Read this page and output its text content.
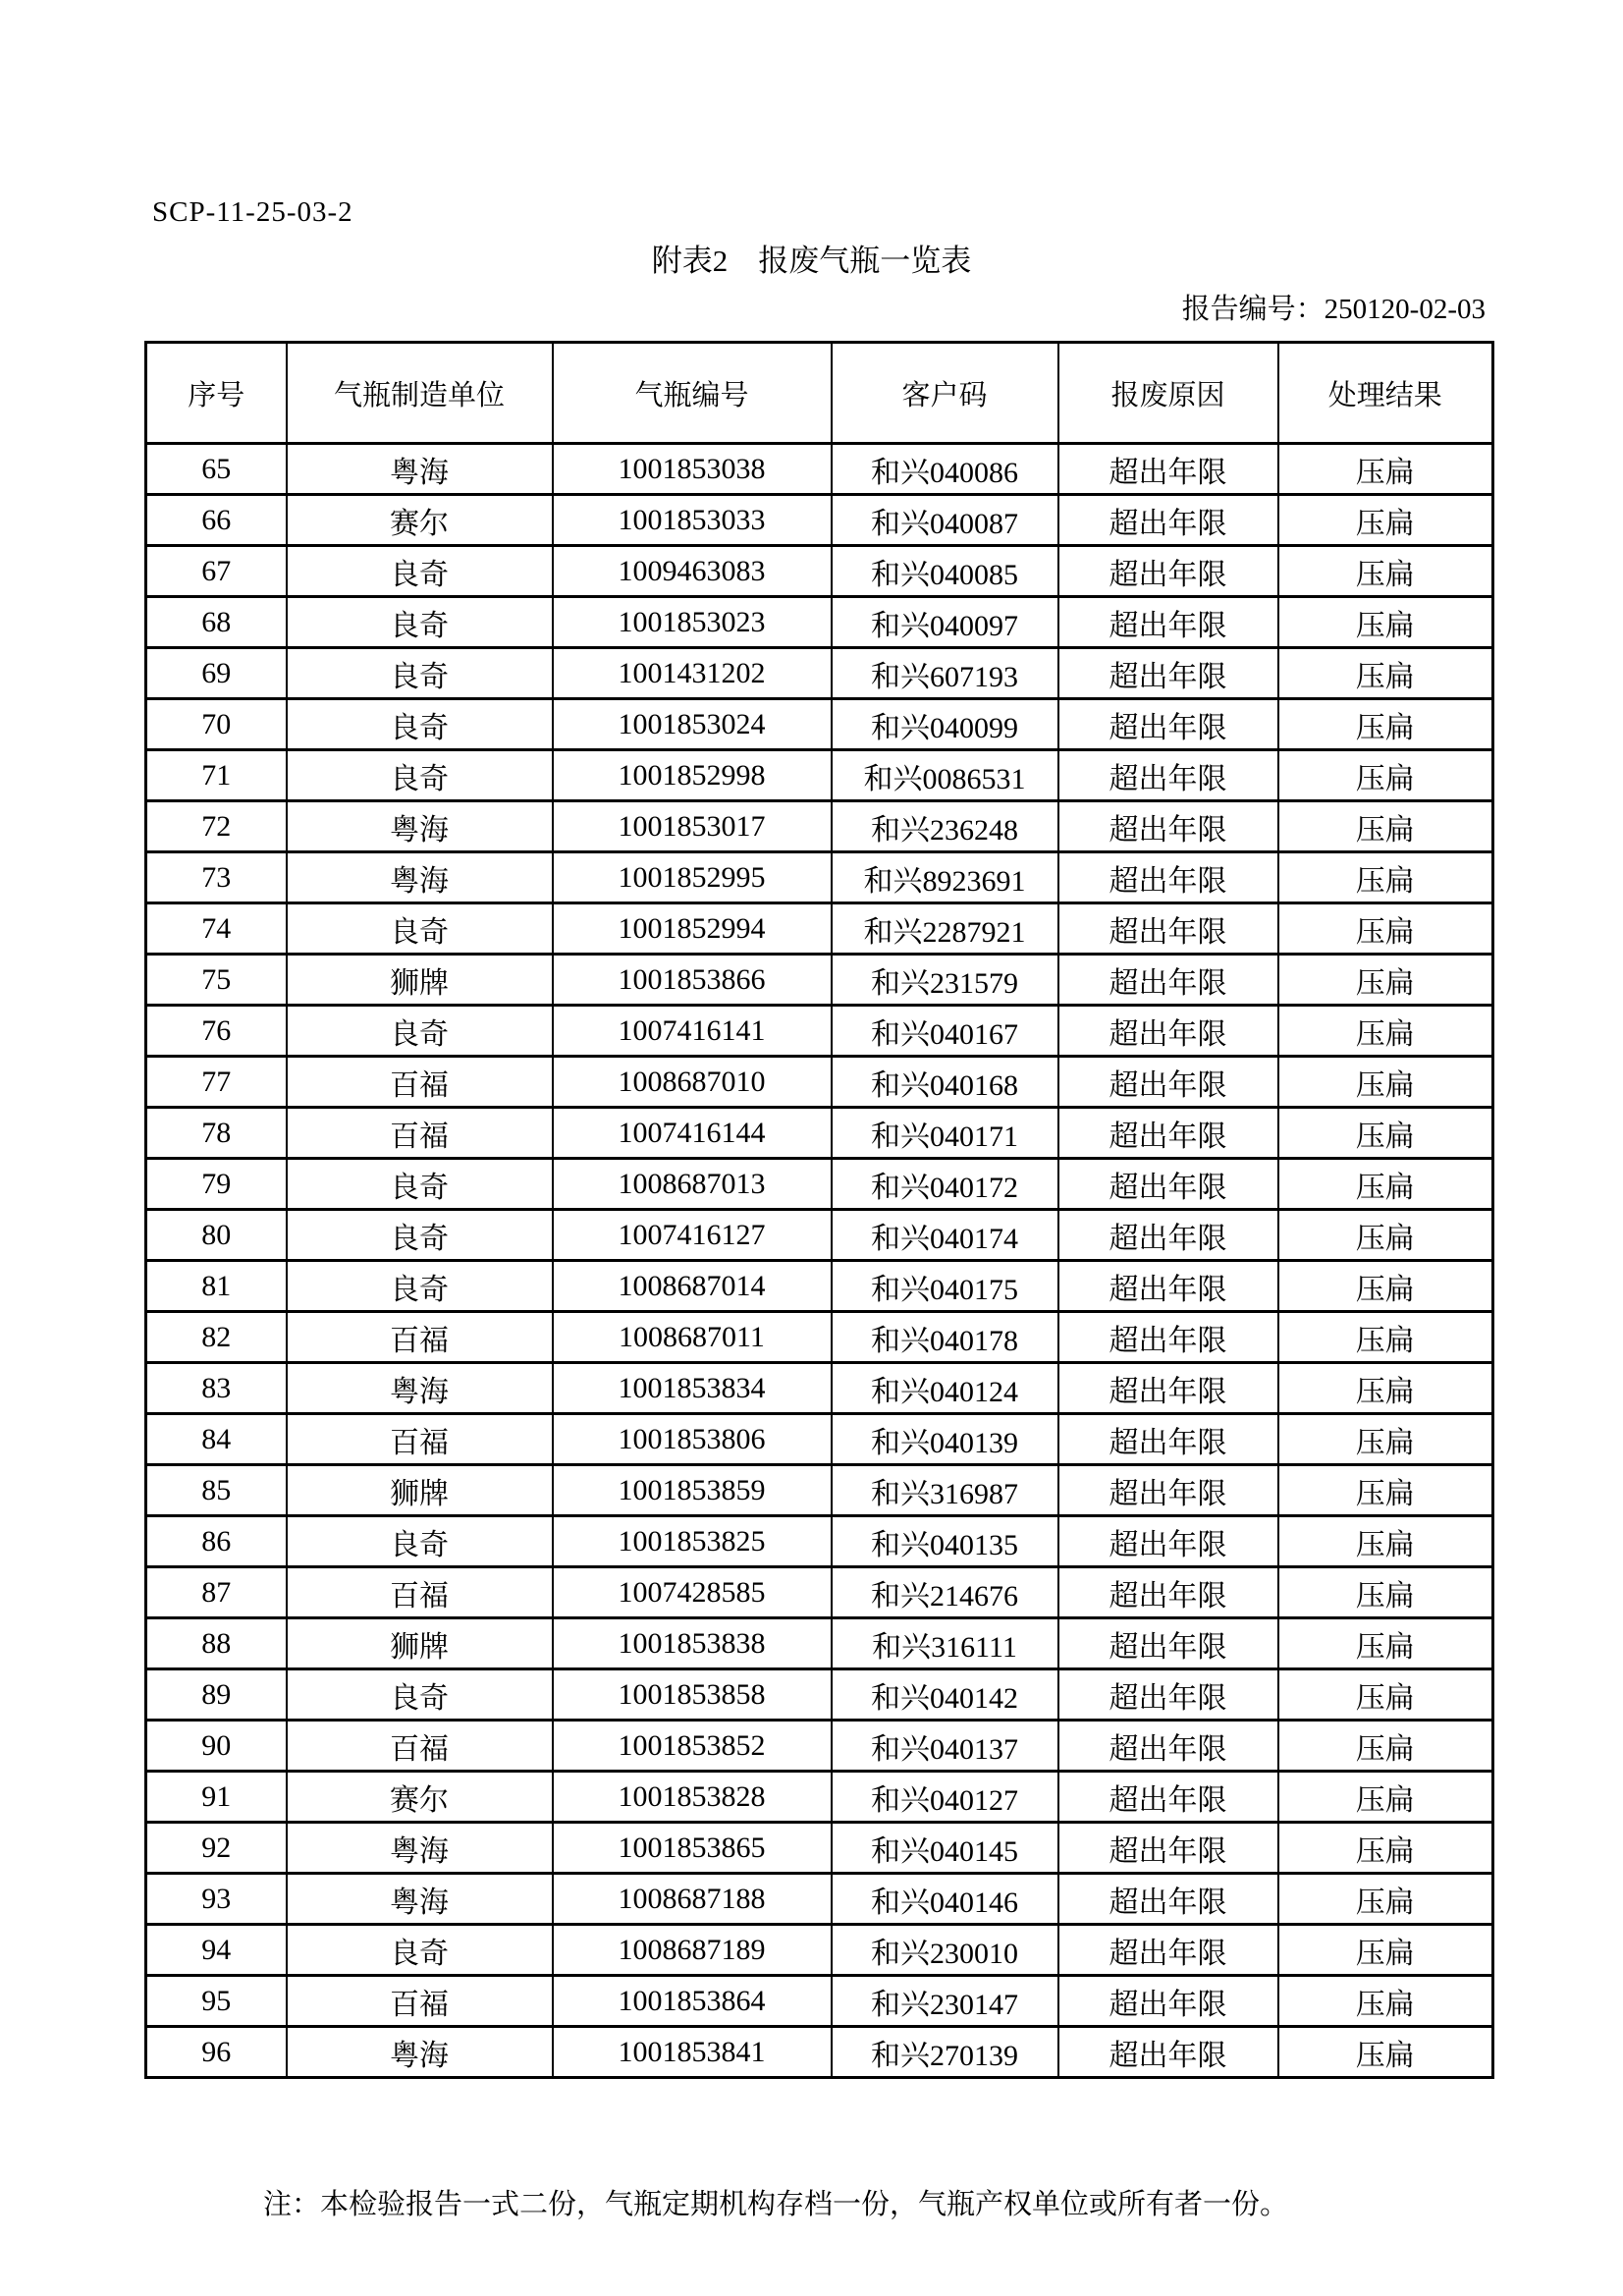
SCP-11-25-03-2
附表2　报废气瓶一览表
报告编号：250120-02-03
序号	气瓶制造单位	气瓶编号	客户码	报废原因	处理结果
65	粤海	1001853038	和兴040086	超出年限	压扁
66	赛尔	1001853033	和兴040087	超出年限	压扁
67	良奇	1009463083	和兴040085	超出年限	压扁
68	良奇	1001853023	和兴040097	超出年限	压扁
69	良奇	1001431202	和兴607193	超出年限	压扁
70	良奇	1001853024	和兴040099	超出年限	压扁
71	良奇	1001852998	和兴0086531	超出年限	压扁
72	粤海	1001853017	和兴236248	超出年限	压扁
73	粤海	1001852995	和兴8923691	超出年限	压扁
74	良奇	1001852994	和兴2287921	超出年限	压扁
75	狮牌	1001853866	和兴231579	超出年限	压扁
76	良奇	1007416141	和兴040167	超出年限	压扁
77	百福	1008687010	和兴040168	超出年限	压扁
78	百福	1007416144	和兴040171	超出年限	压扁
79	良奇	1008687013	和兴040172	超出年限	压扁
80	良奇	1007416127	和兴040174	超出年限	压扁
81	良奇	1008687014	和兴040175	超出年限	压扁
82	百福	1008687011	和兴040178	超出年限	压扁
83	粤海	1001853834	和兴040124	超出年限	压扁
84	百福	1001853806	和兴040139	超出年限	压扁
85	狮牌	1001853859	和兴316987	超出年限	压扁
86	良奇	1001853825	和兴040135	超出年限	压扁
87	百福	1007428585	和兴214676	超出年限	压扁
88	狮牌	1001853838	和兴316111	超出年限	压扁
89	良奇	1001853858	和兴040142	超出年限	压扁
90	百福	1001853852	和兴040137	超出年限	压扁
91	赛尔	1001853828	和兴040127	超出年限	压扁
92	粤海	1001853865	和兴040145	超出年限	压扁
93	粤海	1008687188	和兴040146	超出年限	压扁
94	良奇	1008687189	和兴230010	超出年限	压扁
95	百福	1001853864	和兴230147	超出年限	压扁
96	粤海	1001853841	和兴270139	超出年限	压扁
注：本检验报告一式二份，气瓶定期机构存档一份，气瓶产权单位或所有者一份。
